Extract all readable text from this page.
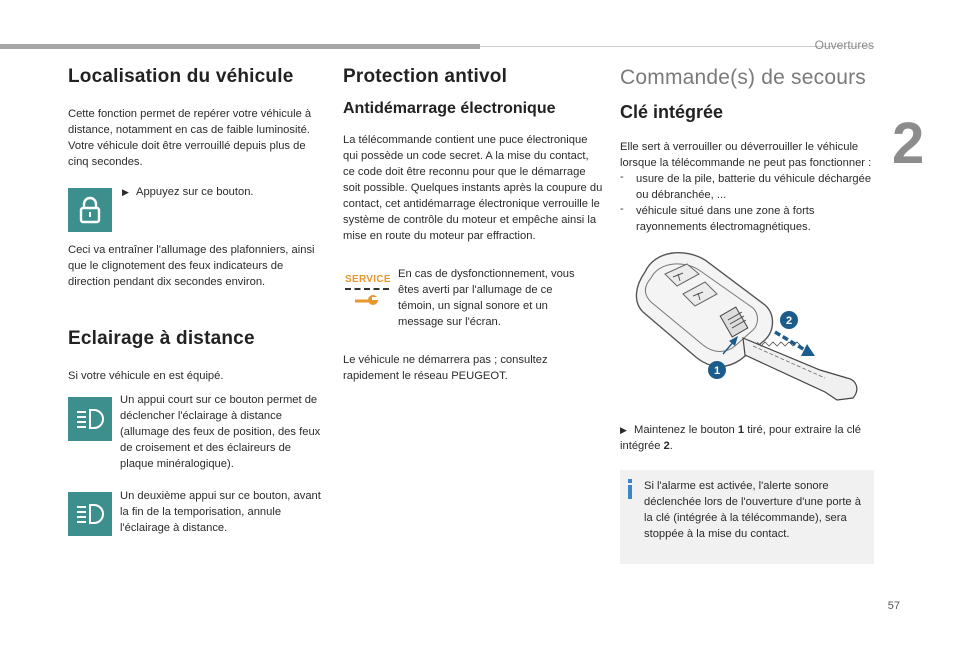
Ouvertures
2
57
Localisation du véhicule

Cette fonction permet de repérer votre véhicule à distance, notamment en cas de faible luminosité. Votre véhicule doit être verrouillé depuis plus de cinq secondes.

▶ Appuyez sur ce bouton.

Ceci va entraîner l'allumage des plafonniers, ainsi que le clignotement des feux indicateurs de direction pendant dix secondes environ.

Eclairage à distance

Si votre véhicule en est équipé.

Un appui court sur ce bouton permet de déclencher l'éclairage à distance (allumage des feux de position, des feux de croisement et des éclaireurs de plaque minéralogique).

Un deuxième appui sur ce bouton, avant la fin de la temporisation, annule l'éclairage à distance.

Protection antivol
Antidémarrage électronique

La télécommande contient une puce électronique qui possède un code secret. A la mise du contact, ce code doit être reconnu pour que le démarrage soit possible. Quelques instants après la coupure du contact, cet antidémarrage électronique verrouille le système de contrôle du moteur et empêche ainsi la mise en route du moteur par effraction.

SERVICE En cas de dysfonctionnement, vous êtes averti par l'allumage de ce témoin, un signal sonore et un message sur l'écran.

Le véhicule ne démarrera pas ; consultez rapidement le réseau PEUGEOT.

Commande(s) de secours
Clé intégrée

Elle sert à verrouiller ou déverrouiller le véhicule lorsque la télécommande ne peut pas fonctionner :

- usure de la pile, batterie du véhicule déchargée ou débranchée, ...

- véhicule situé dans une zone à forts rayonnements électromagnétiques.

1
2

▶ Maintenez le bouton 1 tiré, pour extraire la clé intégrée 2.

Si l'alarme est activée, l'alerte sonore déclenchée lors de l'ouverture d'une porte à la clé (intégrée à la télécommande), sera stoppée à la mise du contact.
